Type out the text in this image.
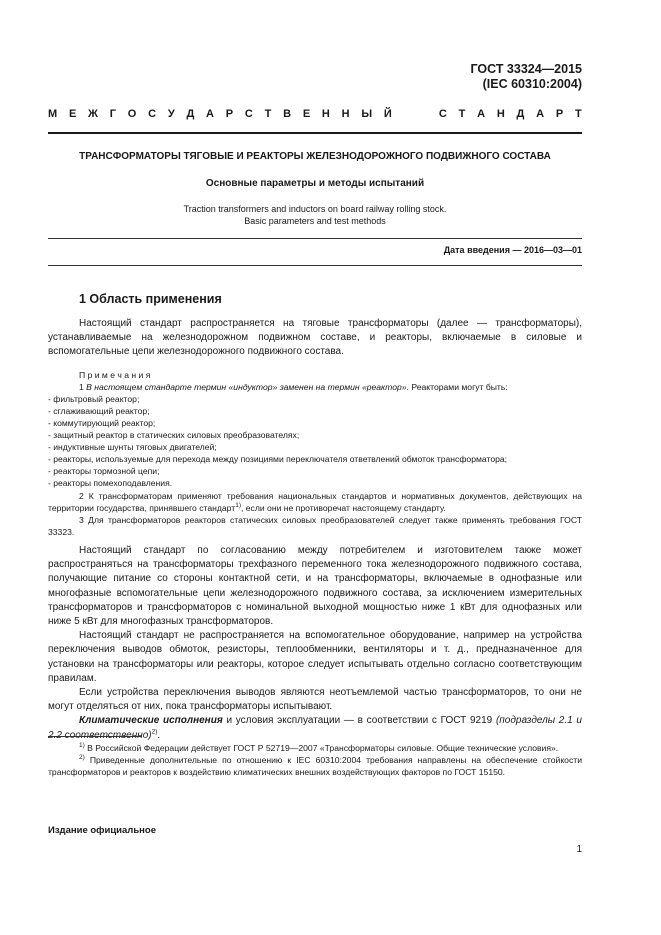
ГОСТ 33324—2015
(IEC 60310:2004)
М Е Ж Г О С У Д А Р С Т В Е Н Н Ы Й	С Т А Н Д А Р Т
ТРАНСФОРМАТОРЫ ТЯГОВЫЕ И РЕАКТОРЫ ЖЕЛЕЗНОДОРОЖНОГО ПОДВИЖНОГО СОСТАВА
Основные параметры и методы испытаний
Traction transformers and inductors on board railway rolling stock.
Basic parameters and test methods
Дата введения — 2016—03—01
1 Область применения

Настоящий стандарт распространяется на тяговые трансформаторы (далее — трансформаторы), устанавливаемые на железнодорожном подвижном составе, и реакторы, включаемые в силовые и вспомогательные цепи железнодорожного подвижного состава.

П р и м е ч а н и я
1 В настоящем стандарте термин «индуктор» заменен на термин «реактор». Реакторами могут быть:
- фильтровый реактор;
- сглаживающий реактор;
- коммутирующий реактор;
- защитный реактор в статических силовых преобразователях;
- индуктивные шунты тяговых двигателей;
- реакторы, используемые для перехода между позициями переключателя ответвлений обмоток трансформатора;
- реакторы тормозной цепи;
- реакторы помехоподавления.
2 К трансформаторам применяют требования национальных стандартов и нормативных документов, действующих на территории государства, принявшего стандарт$^{1)}$, если они не противоречат настоящему стандарту.
3 Для трансформаторов реакторов статических силовых преобразователей следует также применять требования ГОСТ 33323.

Настоящий стандарт по согласованию между потребителем и изготовителем также может распространяться на трансформаторы трехфазного переменного тока железнодорожного подвижного состава, получающие питание со стороны контактной сети, и на трансформаторы, включаемые в однофазные или многофазные вспомогательные цепи железнодорожного подвижного состава, за исключением измерительных трансформаторов и трансформаторов с номинальной выходной мощностью ниже 1 кВт для однофазных или ниже 5 кВт для многофазных трансформаторов.

Настоящий стандарт не распространяется на вспомогательное оборудование, например на устройства переключения выводов обмоток, резисторы, теплообменники, вентиляторы и т. д., предназначенное для установки на трансформаторы или реакторы, которое следует испытывать отдельно согласно соответствующим правилам.

Если устройства переключения выводов являются неотъемлемой частью трансформаторов, то они не могут отделяться от них, пока трансформаторы испытывают.

Климатические исполнения и условия эксплуатации — в соответствии с ГОСТ 9219 (подразделы 2.1 и 2.2 соответственно)$^{2)}$.

$^{1)}$ В Российской Федерации действует ГОСТ Р 52719—2007 «Трансформаторы силовые. Общие технические условия».
$^{2)}$ Приведенные дополнительные по отношению к IEC 60310:2004 требования направлены на обеспечение стойкости трансформаторов и реакторов к воздействию климатических внешних воздействующих факторов по ГОСТ 15150.
Издание официальное
1
